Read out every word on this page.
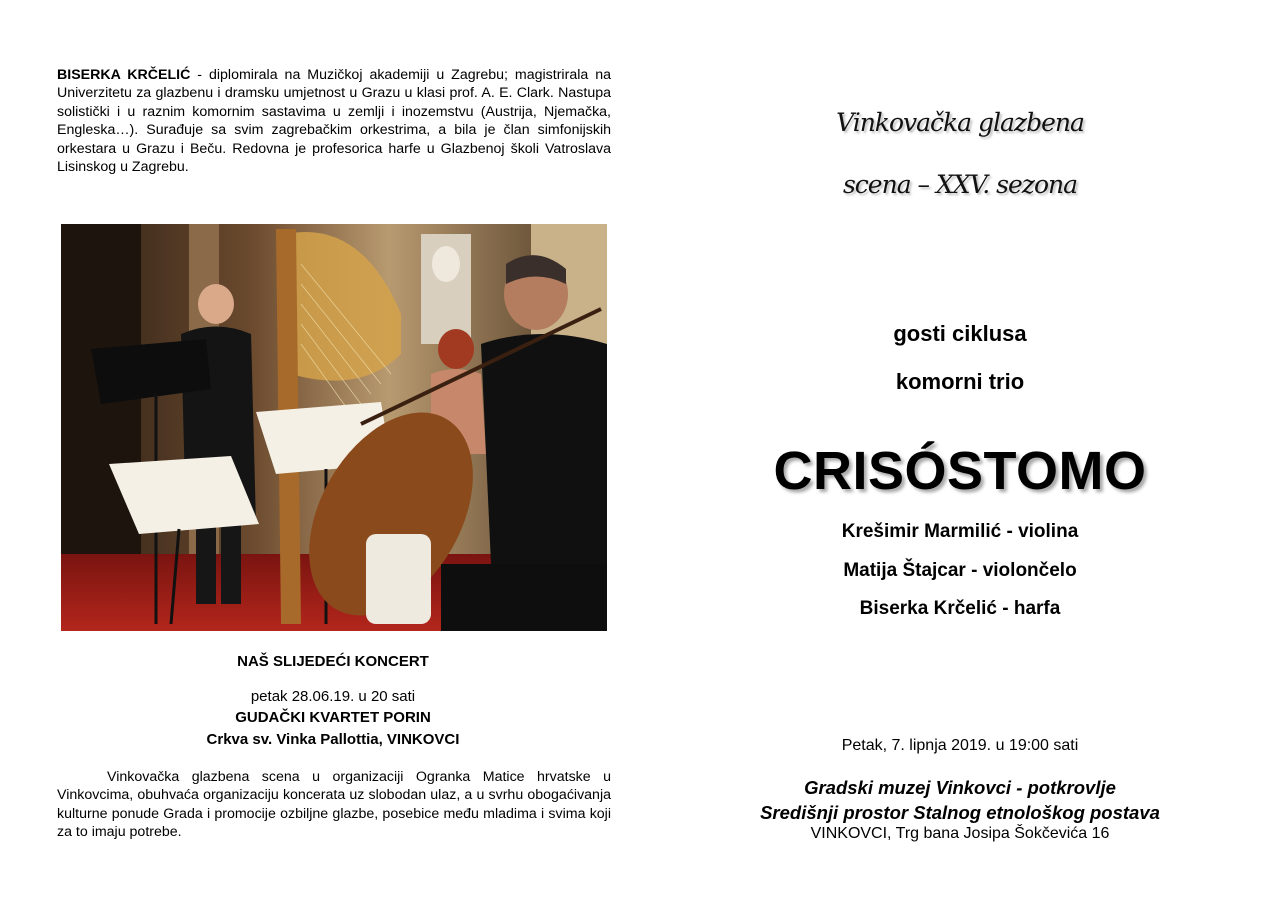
BISERKA KRČELIĆ - diplomirala na Muzičkoj akademiji u Zagrebu; magistrirala na Univerzitetu za glazbenu i dramsku umjetnost u Grazu u klasi prof. A. E. Clark. Nastupa solistički i u raznim komornim sastavima u zemlji i inozemstvu (Austrija, Njemačka, Engleska…). Surađuje sa svim zagrebačkim orkestrima, a bila je član simfonijskih orkestara u Grazu i Beču. Redovna je profesorica harfe u Glazbenoj školi Vatroslava Lisinskog u Zagrebu.

NAŠ SLIJEDEĆI KONCERT
petak 28.06.19. u 20 sati
GUDAČKI KVARTET PORIN
Crkva sv. Vinka Pallottia, VINKOVCI

Vinkovačka glazbena scena u organizaciji Ogranka Matice hrvatske u Vinkovcima, obuhvaća organizaciju koncerata uz slobodan ulaz, a u svrhu obogaćivanja kulturne ponude Grada i promocije ozbiljne glazbe, posebice među mladima i svima koji za to imaju potrebe.

Vinkovačka glazbena
scena – XXV. sezona
gosti ciklusa
komorni trio
CRISÓSTOMO
Krešimir Marmilić - violina
Matija Štajcar - violončelo
Biserka Krčelić - harfa
Petak, 7. lipnja 2019. u 19:00 sati
Gradski muzej Vinkovci - potkrovlje
Središnji prostor Stalnog etnološkog postava
VINKOVCI, Trg bana Josipa Šokčevića 16
